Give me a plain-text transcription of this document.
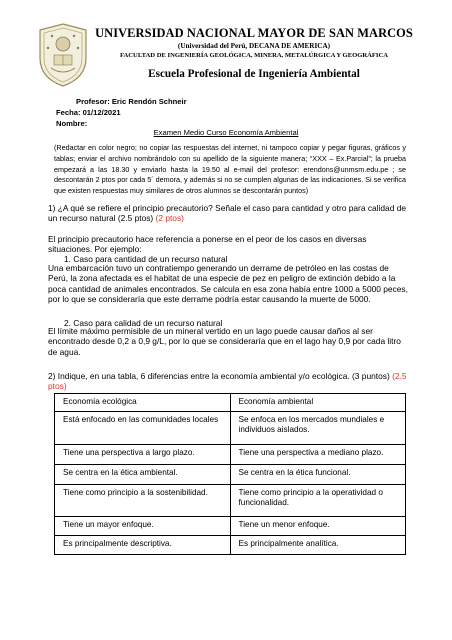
UNIVERSIDAD NACIONAL MAYOR DE SAN MARCOS
(Universidad del Perú, DECANA DE AMERICA)
FACULTAD DE INGENIERÍA GEOLÓGICA, MINERA, METALÚRGICA Y GEOGRÁFICA
Escuela Profesional de Ingeniería Ambiental
Profesor: Eric Rendón Schneir
Fecha: 01/12/2021
Nombre:
Examen Medio Curso Economía Ambiental
(Redactar en color negro; no copiar las respuestas del internet, ni tampoco copiar y pegar figuras, gráficos y tablas; enviar el archivo nombrándolo con su apellido de la siguiente manera; “XXX – Ex.Parcial”; la prueba empezará a las 18.30 y enviarlo hasta la 19.50 al e-mail del profesor: erendons@unmsm.edu.pe ; se descontarán 2 ptos por cada 5´ demora, y además si no se cumplen algunas de las indicaciones. Si se verifica que existen respuestas muy similares de otros alumnos se descontarán puntos)
1) ¿A qué se refiere el principio precautorio? Señale el caso para cantidad y otro para calidad de un recurso natural (2.5 ptos) (2 ptos)
El principio precautorio hace referencia a ponerse en el peor de los casos en diversas situaciones. Por ejemplo:
1. Caso para cantidad de un recurso natural
Una embarcación tuvo un contratiempo generando un derrame de petróleo en las costas de Perú, la zona afectada es el habitat de una especie de pez en peligro de extinción debido a la poca cantidad de animales encontrados. Se calcula en esa zona había entre 1000 a 5000 peces, por lo que se consideraría que este derrame podría estar causando la muerte de 5000.
2. Caso para calidad de un recurso natural
El límite máximo permisible de un mineral vertido en un lago puede causar daños al ser encontrado desde 0,2 a 0,9 g/L, por lo que se consideraría que en el lago hay 0,9 por cada litro de agua.
2) Indique, en una tabla, 6 diferencias entre la economía ambiental y/o ecológica. (3 puntos) (2.5 ptos)
Economía ecológica	Economía ambiental
Está enfocado en las comunidades locales	Se enfoca en los mercados mundiales e individuos aislados.
Tiene una perspectiva a largo plazo.	Tiene una perspectiva a mediano plazo.
Se centra en la ética ambiental.	Se centra en la ética funcional.
Tiene como principio a la sostenibilidad.	Tiene como principio a la operatividad o funcionalidad.
Tiene un mayor enfoque.	Tiene un menor enfoque.
Es principalmente descriptiva.	Es principalmente analítica.
